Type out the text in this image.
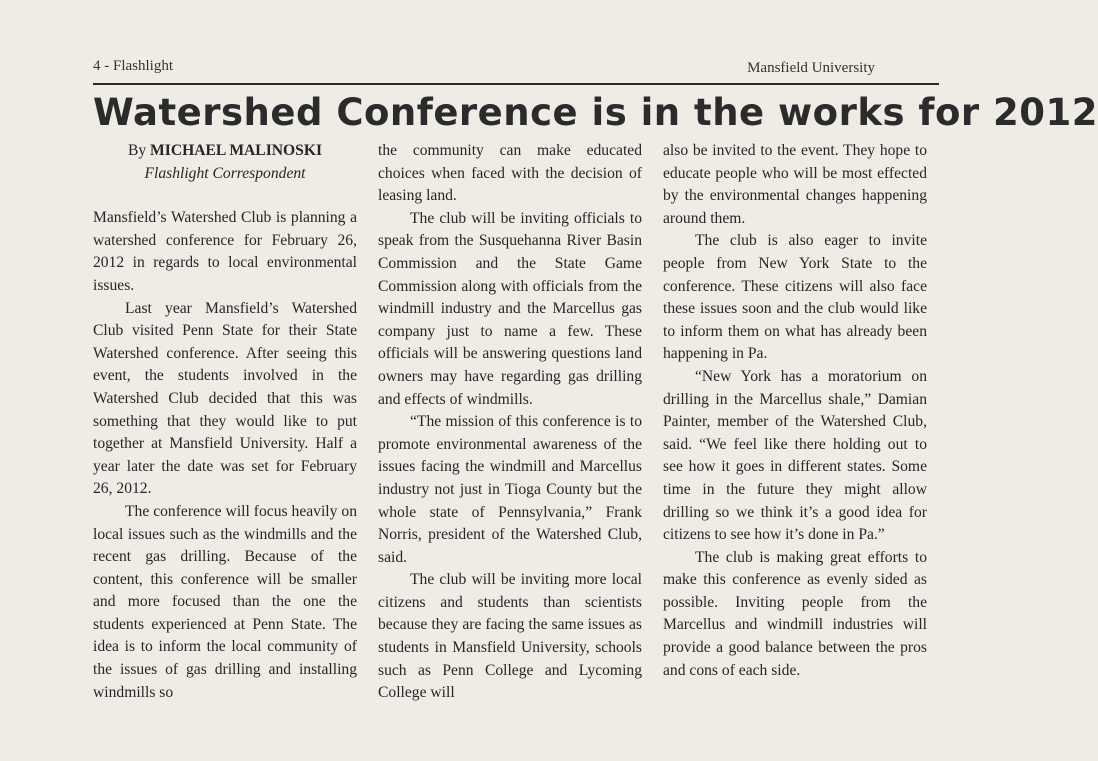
4 - Flashlight	Mansfield University
Watershed Conference is in the works for 2012
By MICHAEL MALINOSKI
Flashlight Correspondent

Mansfield’s Watershed Club is planning a watershed conference for February 26, 2012 in regards to local environmental issues.

Last year Mansfield’s Watershed Club visited Penn State for their State Watershed conference. After seeing this event, the students involved in the Watershed Club decided that this was something that they would like to put together at Mansfield University. Half a year later the date was set for February 26, 2012.

The conference will focus heavily on local issues such as the windmills and the recent gas drilling. Because of the content, this conference will be smaller and more focused than the one the students experienced at Penn State. The idea is to inform the local community of the issues of gas drilling and installing windmills so

the community can make educated choices when faced with the decision of leasing land.

The club will be inviting officials to speak from the Susquehanna River Basin Commission and the State Game Commission along with officials from the windmill industry and the Marcellus gas company just to name a few. These officials will be answering questions land owners may have regarding gas drilling and effects of windmills.

“The mission of this conference is to promote environmental awareness of the issues facing the windmill and Marcellus industry not just in Tioga County but the whole state of Pennsylvania,” Frank Norris, president of the Watershed Club, said.

The club will be inviting more local citizens and students than scientists because they are facing the same issues as students in Mansfield University, schools such as Penn College and Lycoming College will

also be invited to the event. They hope to educate people who will be most effected by the environmental changes happening around them.

The club is also eager to invite people from New York State to the conference. These citizens will also face these issues soon and the club would like to inform them on what has already been happening in Pa.

“New York has a moratorium on drilling in the Marcellus shale,” Damian Painter, member of the Watershed Club, said. “We feel like there holding out to see how it goes in different states. Some time in the future they might allow drilling so we think it’s a good idea for citizens to see how it’s done in Pa.”

The club is making great efforts to make this conference as evenly sided as possible. Inviting people from the Marcellus and windmill industries will provide a good balance between the pros and cons of each side.
